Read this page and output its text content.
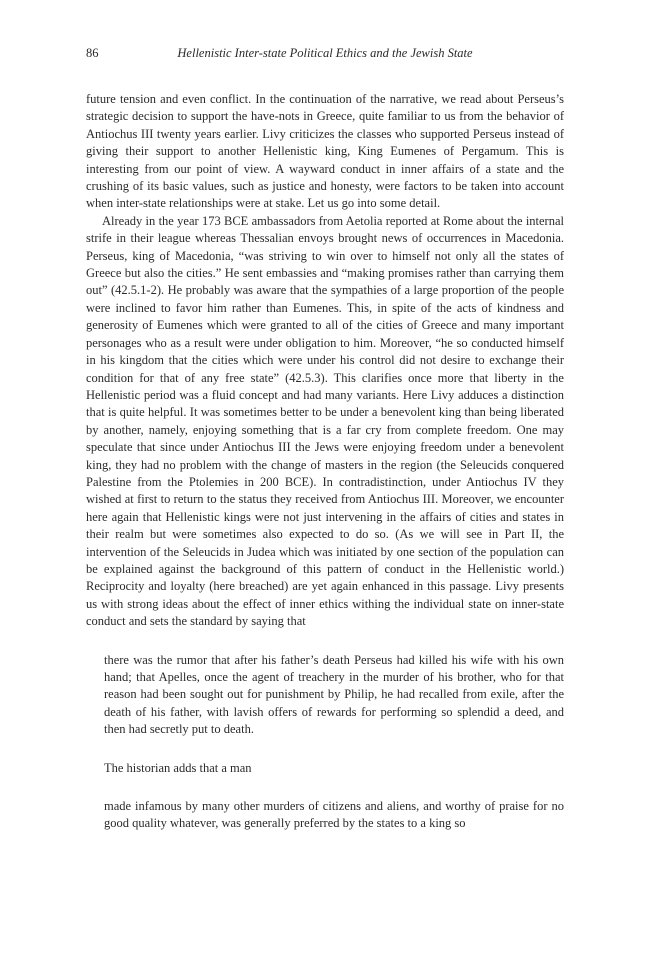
86	Hellenistic Inter-state Political Ethics and the Jewish State

future tension and even conflict. In the continuation of the narrative, we read about Perseus’s strategic decision to support the have-nots in Greece, quite familiar to us from the behavior of Antiochus III twenty years earlier. Livy criticizes the classes who supported Perseus instead of giving their support to another Hellenistic king, King Eumenes of Pergamum. This is interesting from our point of view. A wayward conduct in inner affairs of a state and the crushing of its basic values, such as justice and honesty, were factors to be taken into account when inter-state relationships were at stake. Let us go into some detail.

Already in the year 173 BCE ambassadors from Aetolia reported at Rome about the internal strife in their league whereas Thessalian envoys brought news of occurrences in Macedonia. Perseus, king of Macedonia, “was striving to win over to himself not only all the states of Greece but also the cities.” He sent embassies and “making promises rather than carrying them out” (42.5.1-2). He probably was aware that the sympathies of a large proportion of the people were inclined to favor him rather than Eumenes. This, in spite of the acts of kindness and generosity of Eumenes which were granted to all of the cities of Greece and many important personages who as a result were under obligation to him. Moreover, “he so conducted himself in his kingdom that the cities which were under his control did not desire to exchange their condition for that of any free state” (42.5.3). This clarifies once more that liberty in the Hellenistic period was a fluid concept and had many variants. Here Livy adduces a distinction that is quite helpful. It was sometimes better to be under a benevolent king than being liberated by another, namely, enjoying something that is a far cry from complete freedom. One may speculate that since under Antiochus III the Jews were enjoying freedom under a benevolent king, they had no problem with the change of masters in the region (the Seleucids conquered Palestine from the Ptolemies in 200 BCE). In contradistinction, under Antiochus IV they wished at first to return to the status they received from Antiochus III. Moreover, we encounter here again that Hellenistic kings were not just intervening in the affairs of cities and states in their realm but were sometimes also expected to do so. (As we will see in Part II, the intervention of the Seleucids in Judea which was initiated by one section of the population can be explained against the background of this pattern of conduct in the Hellenistic world.) Reciprocity and loyalty (here breached) are yet again enhanced in this passage. Livy presents us with strong ideas about the effect of inner ethics withing the individual state on inner-state conduct and sets the standard by saying that

there was the rumor that after his father’s death Perseus had killed his wife with his own hand; that Apelles, once the agent of treachery in the murder of his brother, who for that reason had been sought out for punishment by Philip, he had recalled from exile, after the death of his father, with lavish offers of rewards for performing so splendid a deed, and then had secretly put to death.

The historian adds that a man

made infamous by many other murders of citizens and aliens, and worthy of praise for no good quality whatever, was generally preferred by the states to a king so
